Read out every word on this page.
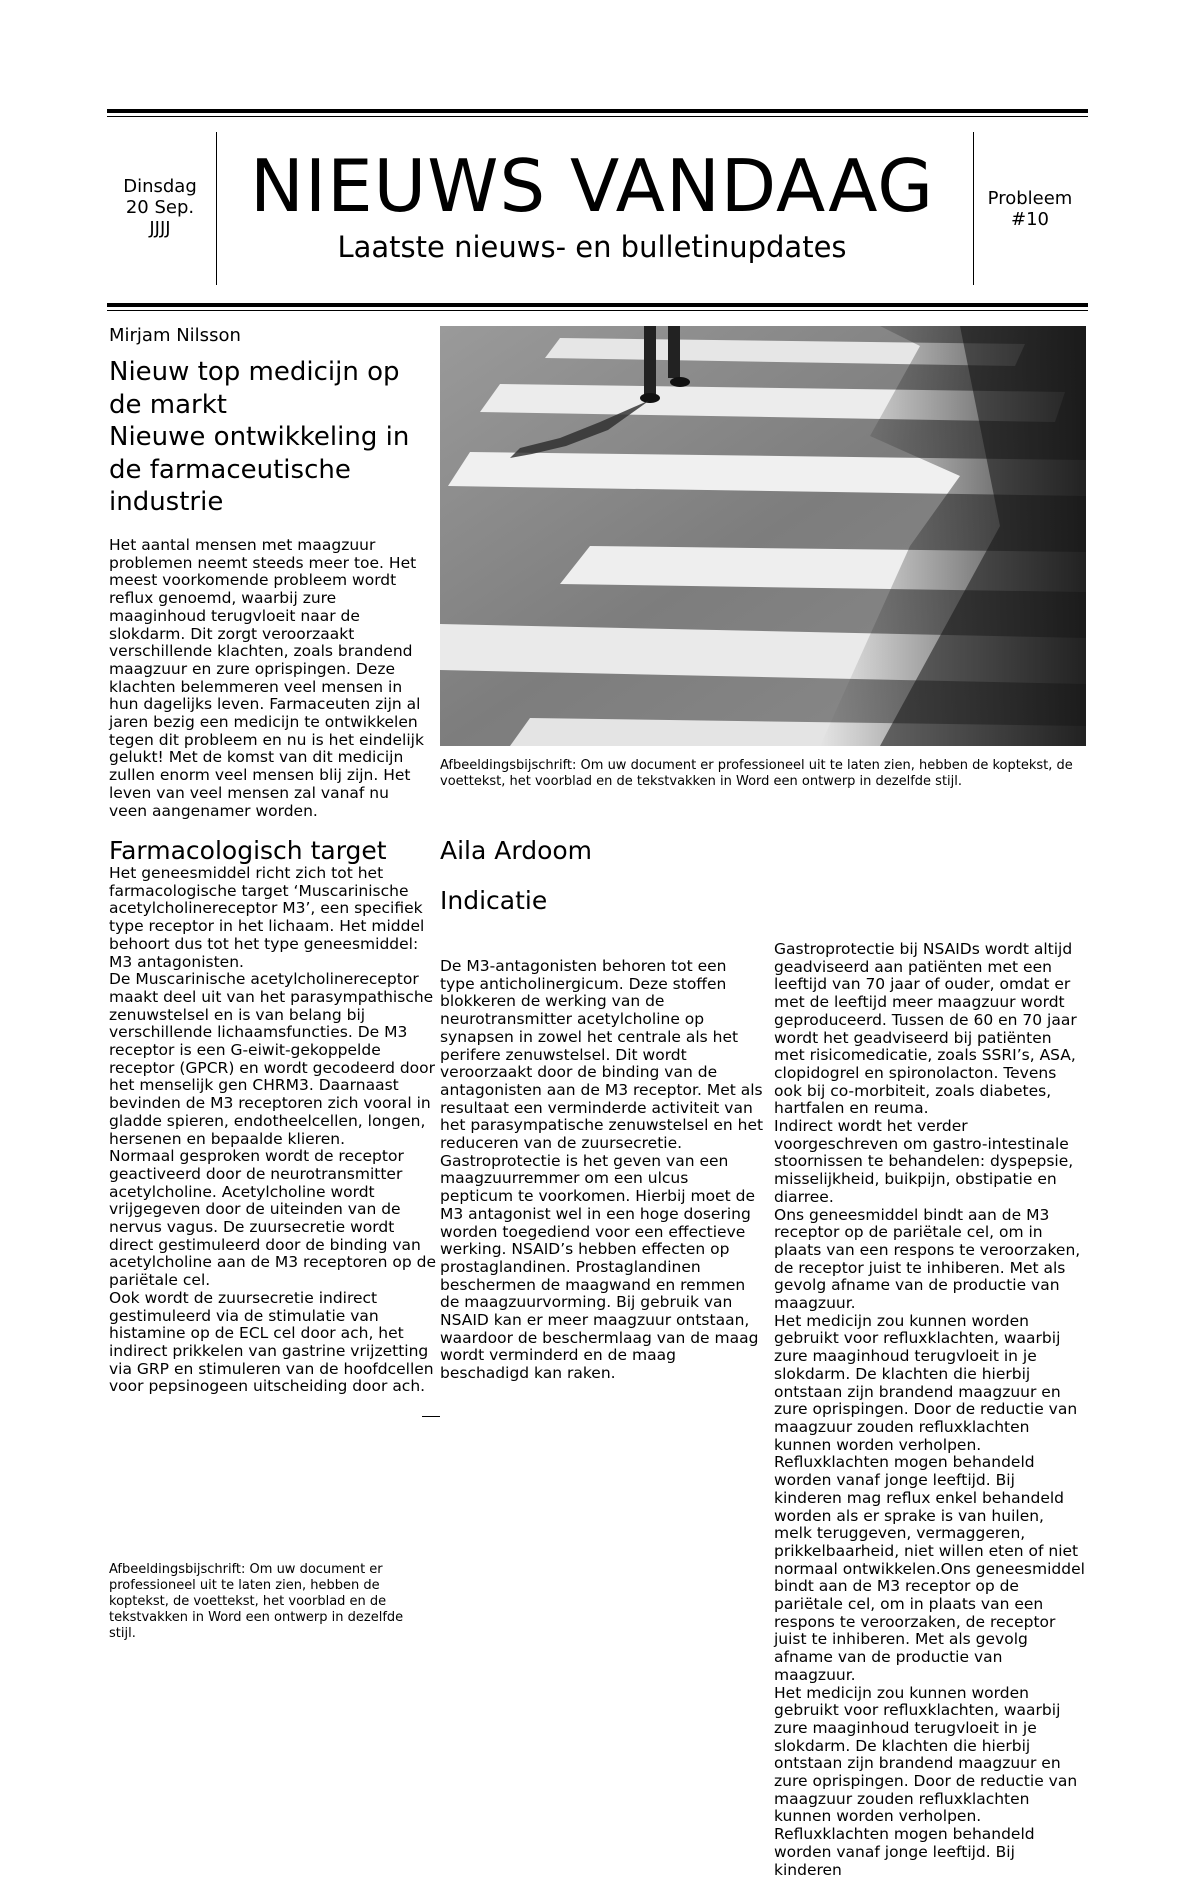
Dinsdag
20 Sep.
JJJJ
NIEUWS VANDAAG
Laatste nieuws- en bulletinupdates
Probleem
#10
Mirjam Nilsson
Nieuw top medicijn op de markt
Nieuwe ontwikkeling in de farmaceutische industrie
Het aantal mensen met maagzuur problemen neemt steeds meer toe. Het meest voorkomende probleem wordt reflux genoemd, waarbij zure maaginhoud terugvloeit naar de slokdarm. Dit zorgt veroorzaakt verschillende klachten, zoals brandend maagzuur en zure oprispingen. Deze klachten belemmeren veel mensen in hun dagelijks leven. Farmaceuten zijn al jaren bezig een medicijn te ontwikkelen tegen dit probleem en nu is het eindelijk gelukt! Met de komst van dit medicijn zullen enorm veel mensen blij zijn. Het leven van veel mensen zal vanaf nu veen aangenamer worden.
Afbeeldingsbijschrift: Om uw document er professioneel uit te laten zien, hebben de koptekst, de voettekst, het voorblad en de tekstvakken in Word een ontwerp in dezelfde stijl.
Farmacologisch target

Het geneesmiddel richt zich tot het farmacologische target ‘Muscarinische acetylcholinereceptor M3’, een specifiek type receptor in het lichaam. Het middel behoort dus tot het type geneesmiddel: M3 antagonisten.

De Muscarinische acetylcholinereceptor maakt deel uit van het parasympathische zenuwstelsel en is van belang bij verschillende lichaamsfuncties. De M3 receptor is een G-eiwit-gekoppelde receptor (GPCR) en wordt gecodeerd door het menselijk gen CHRM3. Daarnaast bevinden de M3 receptoren zich vooral in gladde spieren, endotheelcellen, longen, hersenen en bepaalde klieren.

Normaal gesproken wordt de receptor geactiveerd door de neurotransmitter acetylcholine. Acetylcholine wordt vrijgegeven door de uiteinden van de nervus vagus. De zuursecretie wordt direct gestimuleerd door de binding van acetylcholine aan de M3 receptoren op de pariëtale cel.

Ook wordt de zuursecretie indirect gestimuleerd via de stimulatie van histamine op de ECL cel door ach, het indirect prikkelen van gastrine vrijzetting via GRP en stimuleren van de hoofdcellen voor pepsinogeen uitscheiding door ach.

Afbeeldingsbijschrift: Om uw document er professioneel uit te laten zien, hebben de koptekst, de voettekst, het voorblad en de tekstvakken in Word een ontwerp in dezelfde stijl.
Aila Ardoom
Indicatie

De M3-antagonisten behoren tot een type anticholinergicum. Deze stoffen blokkeren de werking van de neurotransmitter acetylcholine op synapsen in zowel het centrale als het perifere zenuwstelsel. Dit wordt veroorzaakt door de binding van de antagonisten aan de M3 receptor. Met als resultaat een verminderde activiteit van het parasympatische zenuwstelsel en het reduceren van de zuursecretie.

Gastroprotectie is het geven van een maagzuurremmer om een ulcus pepticum te voorkomen. Hierbij moet de M3 antagonist wel in een hoge dosering worden toegediend voor een effectieve werking. NSAID’s hebben effecten op prostaglandinen. Prostaglandinen beschermen de maagwand en remmen de maagzuurvorming. Bij gebruik van NSAID kan er meer maagzuur ontstaan, waardoor de beschermlaag van de maag wordt verminderd en de maag beschadigd kan raken.

Gastroprotectie bij NSAIDs wordt altijd geadviseerd aan patiënten met een leeftijd van 70 jaar of ouder, omdat er met de leeftijd meer maagzuur wordt geproduceerd. Tussen de 60 en 70 jaar wordt het geadviseerd bij patiënten met risicomedicatie, zoals SSRI’s, ASA, clopidogrel en spironolacton. Tevens ook bij co-morbiteit, zoals diabetes, hartfalen en reuma.

Indirect wordt het verder voorgeschreven om gastro-intestinale stoornissen te behandelen: dyspepsie, misselijkheid, buikpijn, obstipatie en diarree.

Ons geneesmiddel bindt aan de M3 receptor op de pariëtale cel, om in plaats van een respons te veroorzaken, de receptor juist te inhiberen. Met als gevolg afname van de productie van maagzuur.

Het medicijn zou kunnen worden gebruikt voor refluxklachten, waarbij zure maaginhoud terugvloeit in je slokdarm. De klachten die hierbij ontstaan zijn brandend maagzuur en zure oprispingen. Door de reductie van maagzuur zouden refluxklachten kunnen worden verholpen.

Refluxklachten mogen behandeld worden vanaf jonge leeftijd. Bij kinderen mag reflux enkel behandeld worden als er sprake is van huilen, melk teruggeven, vermaggeren, prikkelbaarheid, niet willen eten of niet normaal ontwikkelen.Ons geneesmiddel bindt aan de M3 receptor op de pariëtale cel, om in plaats van een respons te veroorzaken, de receptor juist te inhiberen. Met als gevolg afname van de productie van maagzuur.

Het medicijn zou kunnen worden gebruikt voor refluxklachten, waarbij zure maaginhoud terugvloeit in je slokdarm. De klachten die hierbij ontstaan zijn brandend maagzuur en zure oprispingen. Door de reductie van maagzuur zouden refluxklachten kunnen worden verholpen.

Refluxklachten mogen behandeld worden vanaf jonge leeftijd. Bij kinderen
